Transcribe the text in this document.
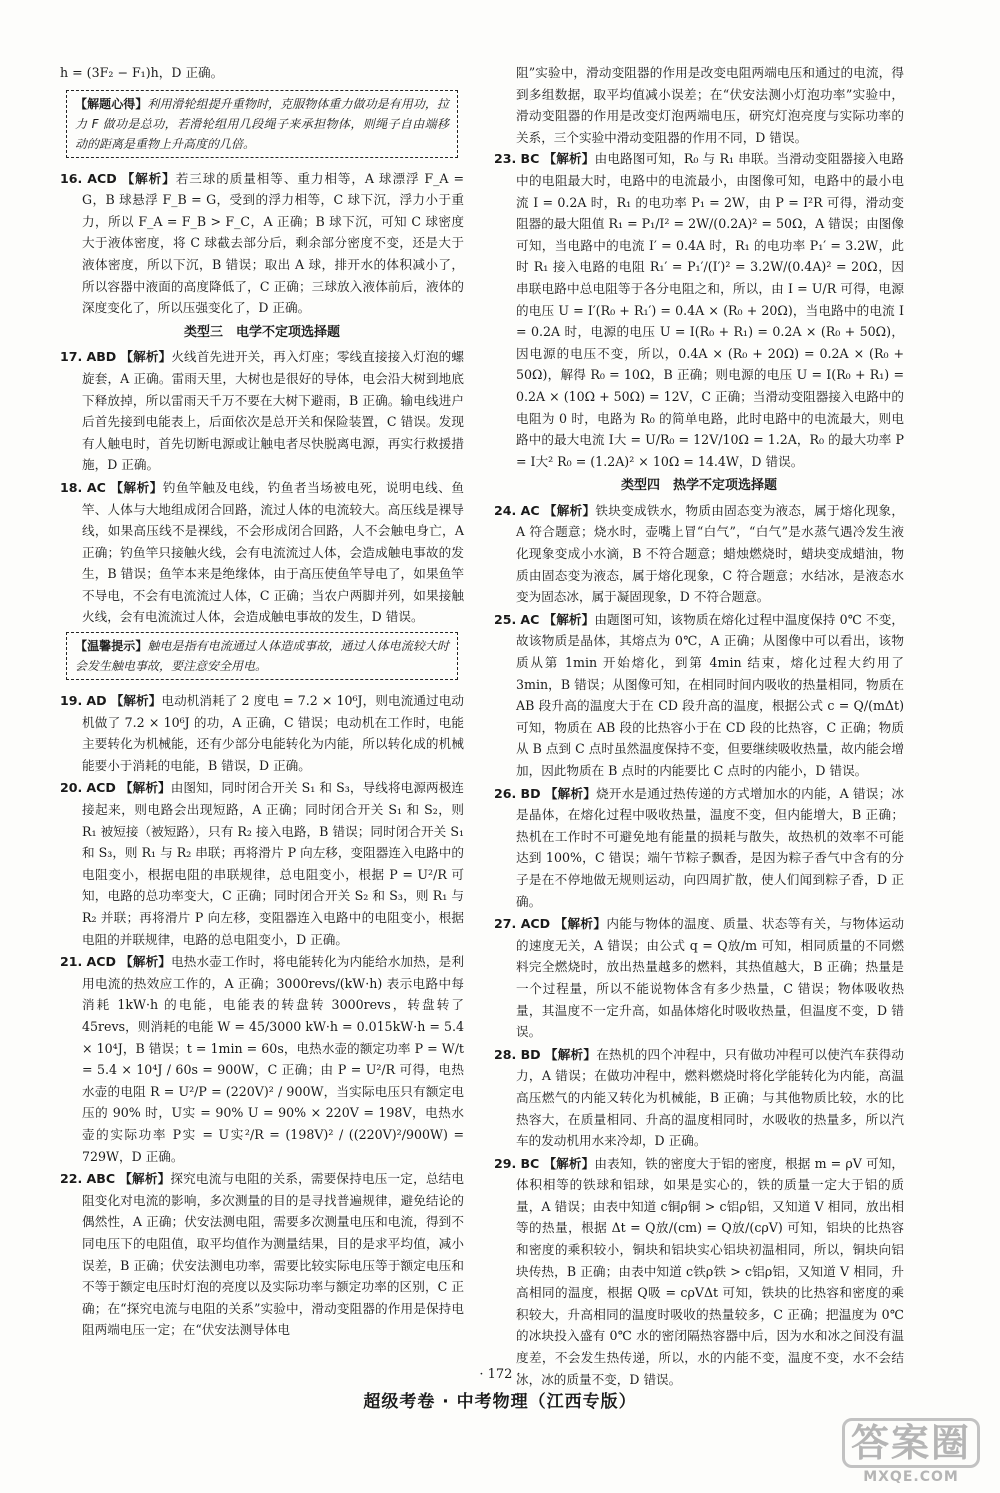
h = (3F₂ − F₁)h，D 正确。

【解题心得】利用滑轮组提升重物时，克服物体重力做功是有用功，拉力 F 做功是总功，若滑轮组用几段绳子来承担物体，则绳子自由端移动的距离是重物上升高度的几倍。

16. ACD 【解析】若三球的质量相等、重力相等，A 球漂浮 F_A = G，B 球悬浮 F_B = G，受到的浮力相等，C 球下沉，浮力小于重力，所以 F_A = F_B > F_C，A 正确；B 球下沉，可知 C 球密度大于液体密度，将 C 球截去部分后，剩余部分密度不变，还是大于液体密度，所以下沉，B 错误；取出 A 球，排开水的体积减小了，所以容器中液面的高度降低了，C 正确；三球放入液体前后，液体的深度变化了，所以压强变化了，D 正确。

类型三　电学不定项选择题

17. ABD 【解析】火线首先进开关，再入灯座；零线直接接入灯泡的螺旋套，A 正确。雷雨天里，大树也是很好的导体，电会沿大树到地底下释放掉，所以雷雨天千万不要在大树下避雨，B 正确。输电线进户后首先接到电能表上，后面依次是总开关和保险装置，C 错误。发现有人触电时，首先切断电源或让触电者尽快脱离电源，再实行救援措施，D 正确。

18. AC 【解析】钓鱼竿触及电线，钓鱼者当场被电死，说明电线、鱼竿、人体与大地组成闭合回路，流过人体的电流较大。高压线是裸导线，如果高压线不是裸线，不会形成闭合回路，人不会触电身亡，A 正确；钓鱼竿只接触火线，会有电流流过人体，会造成触电事故的发生，B 错误；鱼竿本来是绝缘体，由于高压使鱼竿导电了，如果鱼竿不导电，不会有电流流过人体，C 正确；当农户两脚并列，如果接触火线，会有电流流过人体，会造成触电事故的发生，D 错误。

【温馨提示】触电是指有电流通过人体造成事故，通过人体电流较大时会发生触电事故，要注意安全用电。

19. AD 【解析】电动机消耗了 2 度电 = 7.2 × 10⁶J，则电流通过电动机做了 7.2 × 10⁶J 的功，A 正确，C 错误；电动机在工作时，电能主要转化为机械能，还有少部分电能转化为内能，所以转化成的机械能要小于消耗的电能，B 错误，D 正确。

20. ACD 【解析】由图知，同时闭合开关 S₁ 和 S₃，导线将电源两极连接起来，则电路会出现短路，A 正确；同时闭合开关 S₁ 和 S₂，则 R₁ 被短接（被短路），只有 R₂ 接入电路，B 错误；同时闭合开关 S₁ 和 S₃，则 R₁ 与 R₂ 串联；再将滑片 P 向左移，变阻器连入电路中的电阻变小，根据电阻的串联规律，总电阻变小，根据 P = U²/R 可知，电路的总功率变大，C 正确；同时闭合开关 S₂ 和 S₃，则 R₁ 与 R₂ 并联；再将滑片 P 向左移，变阻器连入电路中的电阻变小，根据电阻的并联规律，电路的总电阻变小，D 正确。

21. ACD 【解析】电热水壶工作时，将电能转化为内能给水加热，是利用电流的热效应工作的，A 正确；3000revs/(kW·h) 表示电路中每消耗 1kW·h 的电能，电能表的转盘转 3000revs，转盘转了 45revs，则消耗的电能 W = 45/3000 kW·h = 0.015kW·h = 5.4 × 10⁴J，B 错误；t = 1min = 60s，电热水壶的额定功率 P = W/t = 5.4 × 10⁴J / 60s = 900W，C 正确；由 P = U²/R 可得，电热水壶的电阻 R = U²/P = (220V)² / 900W，当实际电压只有额定电压的 90% 时，U实 = 90% U = 90% × 220V = 198V，电热水壶的实际功率 P实 = U实²/R = (198V)² / ((220V)²/900W) = 729W，D 正确。

22. ABC 【解析】探究电流与电阻的关系，需要保持电压一定，总结电阻变化对电流的影响，多次测量的目的是寻找普遍规律，避免结论的偶然性，A 正确；伏安法测电阻，需要多次测量电压和电流，得到不同电压下的电阻值，取平均值作为测量结果，目的是求平均值，减小误差，B 正确；伏安法测电功率，需要比较实际电压等于额定电压和不等于额定电压时灯泡的亮度以及实际功率与额定功率的区别，C 正确；在“探究电流与电阻的关系”实验中，滑动变阻器的作用是保持电阻两端电压一定；在“伏安法测导体电

阻”实验中，滑动变阻器的作用是改变电阻两端电压和通过的电流，得到多组数据，取平均值减小误差；在“伏安法测小灯泡功率”实验中，滑动变阻器的作用是改变灯泡两端电压，研究灯泡亮度与实际功率的关系，三个实验中滑动变阻器的作用不同，D 错误。

23. BC 【解析】由电路图可知，R₀ 与 R₁ 串联。当滑动变阻器接入电路中的电阻最大时，电路中的电流最小，由图像可知，电路中的最小电流 I = 0.2A 时，R₁ 的电功率 P₁ = 2W，由 P = I²R 可得，滑动变阻器的最大阻值 R₁ = P₁/I² = 2W/(0.2A)² = 50Ω，A 错误；由图像可知，当电路中的电流 I′ = 0.4A 时，R₁ 的电功率 P₁′ = 3.2W，此时 R₁ 接入电路的电阻 R₁′ = P₁′/(I′)² = 3.2W/(0.4A)² = 20Ω，因串联电路中总电阻等于各分电阻之和，所以，由 I = U/R 可得，电源的电压 U = I′(R₀ + R₁′) = 0.4A × (R₀ + 20Ω)，当电路中的电流 I = 0.2A 时，电源的电压 U = I(R₀ + R₁) = 0.2A × (R₀ + 50Ω)，因电源的电压不变，所以，0.4A × (R₀ + 20Ω) = 0.2A × (R₀ + 50Ω)，解得 R₀ = 10Ω，B 正确；则电源的电压 U = I(R₀ + R₁) = 0.2A × (10Ω + 50Ω) = 12V，C 正确；当滑动变阻器接入电路中的电阻为 0 时，电路为 R₀ 的简单电路，此时电路中的电流最大，则电路中的最大电流 I大 = U/R₀ = 12V/10Ω = 1.2A，R₀ 的最大功率 P = I大² R₀ = (1.2A)² × 10Ω = 14.4W，D 错误。

类型四　热学不定项选择题

24. AC 【解析】铁块变成铁水，物质由固态变为液态，属于熔化现象，A 符合题意；烧水时，壶嘴上冒“白气”，“白气”是水蒸气遇冷发生液化现象变成小水滴，B 不符合题意；蜡烛燃烧时，蜡块变成蜡油，物质由固态变为液态，属于熔化现象，C 符合题意；水结冰，是液态水变为固态冰，属于凝固现象，D 不符合题意。

25. AC 【解析】由题图可知，该物质在熔化过程中温度保持 0℃ 不变，故该物质是晶体，其熔点为 0℃，A 正确；从图像中可以看出，该物质从第 1min 开始熔化，到第 4min 结束，熔化过程大约用了 3min，B 错误；从图像可知，在相同时间内吸收的热量相同，物质在 AB 段升高的温度大于在 CD 段升高的温度，根据公式 c = Q/(mΔt) 可知，物质在 AB 段的比热容小于在 CD 段的比热容，C 正确；物质从 B 点到 C 点时虽然温度保持不变，但要继续吸收热量，故内能会增加，因此物质在 B 点时的内能要比 C 点时的内能小，D 错误。

26. BD 【解析】烧开水是通过热传递的方式增加水的内能，A 错误；冰是晶体，在熔化过程中吸收热量，温度不变，但内能增大，B 正确；热机在工作时不可避免地有能量的损耗与散失，故热机的效率不可能达到 100%，C 错误；端午节粽子飘香，是因为粽子香气中含有的分子是在不停地做无规则运动，向四周扩散，使人们闻到粽子香，D 正确。

27. ACD 【解析】内能与物体的温度、质量、状态等有关，与物体运动的速度无关，A 错误；由公式 q = Q放/m 可知，相同质量的不同燃料完全燃烧时，放出热量越多的燃料，其热值越大，B 正确；热量是一个过程量，所以不能说物体含有多少热量，C 错误；物体吸收热量，其温度不一定升高，如晶体熔化时吸收热量，但温度不变，D 错误。

28. BD 【解析】在热机的四个冲程中，只有做功冲程可以使汽车获得动力，A 错误；在做功冲程中，燃料燃烧时将化学能转化为内能，高温高压燃气的内能又转化为机械能，B 正确；与其他物质比较，水的比热容大，在质量相同、升高的温度相同时，水吸收的热量多，所以汽车的发动机用水来冷却，D 正确。

29. BC 【解析】由表知，铁的密度大于铝的密度，根据 m = ρV 可知，体积相等的铁球和铝球，如果是实心的，铁的质量一定大于铝的质量，A 错误；由表中知道 c铜ρ铜 > c铝ρ铝，又知道 V 相同，放出相等的热量，根据 Δt = Q放/(cm) = Q放/(cρV) 可知，铝块的比热容和密度的乘积较小，铜块和铝块实心铝块初温相同，所以，铜块向铝块传热，B 正确；由表中知道 c铁ρ铁 > c铝ρ铝，又知道 V 相同，升高相同的温度，根据 Q吸 = cρVΔt 可知，铁块的比热容和密度的乘积较大，升高相同的温度时吸收的热量较多，C 正确；把温度为 0℃ 的冰块投入盛有 0℃ 水的密闭隔热容器中后，因为水和冰之间没有温度差，不会发生热传递，所以，水的内能不变，温度不变，水不会结冰，冰的质量不变，D 错误。

· 172 ·
超级考卷 · 中考物理（江西专版）
答案圈
MXQE.COM
